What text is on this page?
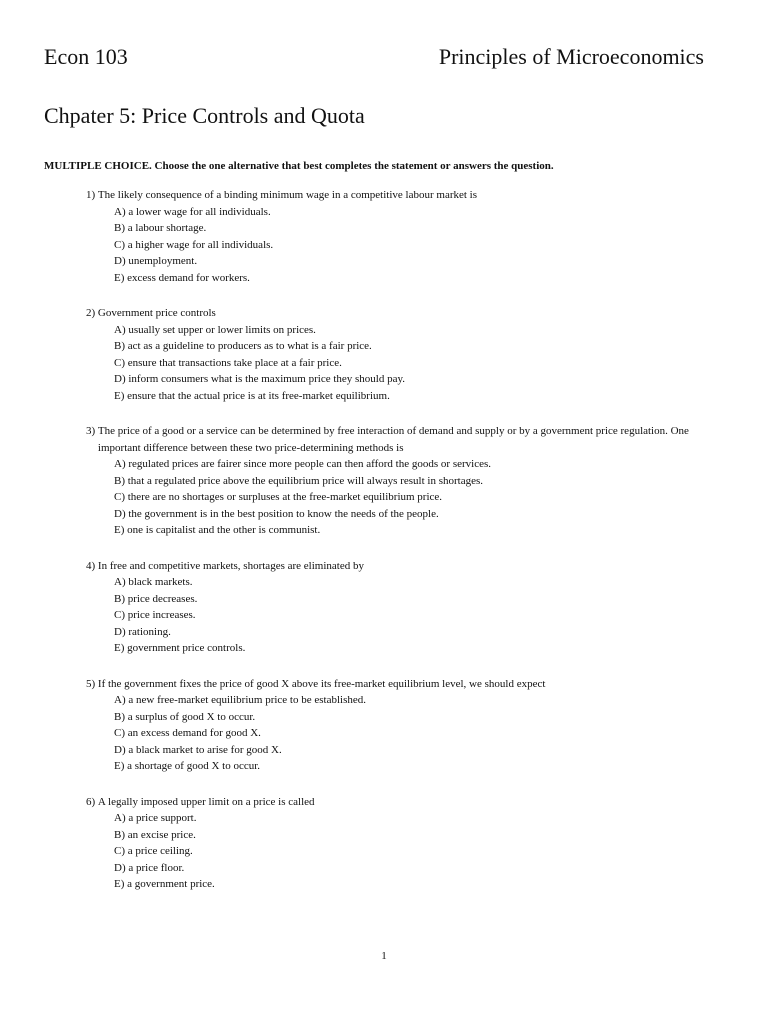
Econ 103	Principles of Microeconomics
Chpater 5: Price Controls and Quota
MULTIPLE CHOICE. Choose the one alternative that best completes the statement or answers the question.
1)
The likely consequence of a binding minimum wage in a competitive labour market is
A)
a lower wage for all individuals.
B)
a labour shortage.
C)
a higher wage for all individuals.
D)
unemployment.
E)
excess demand for workers.
2)
Government price controls
A)
usually set upper or lower limits on prices.
B)
act as a guideline to producers as to what is a fair price.
C)
ensure that transactions take place at a fair price.
D)
inform consumers what is the maximum price they should pay.
E)
ensure that the actual price is at its free-market equilibrium.
3)
The price of a good or a service can be determined by free interaction of demand and supply or by a government price regulation. One important difference between these two price-determining methods is
A)
regulated prices are fairer since more people can then afford the goods or services.
B)
that a regulated price above the equilibrium price will always result in shortages.
C)
there are no shortages or surpluses at the free-market equilibrium price.
D)
the government is in the best position to know the needs of the people.
E)
one is capitalist and the other is communist.
4)
In free and competitive markets, shortages are eliminated by
A)
black markets.
B)
price decreases.
C)
price increases.
D)
rationing.
E)
government price controls.
5)
If the government fixes the price of good X above its free-market equilibrium level, we should expect
A)
a new free-market equilibrium price to be established.
B)
a surplus of good X to occur.
C)
an excess demand for good X.
D)
a black market to arise for good X.
E)
a shortage of good X to occur.
6)
A legally imposed upper limit on a price is called
A)
a price support.
B)
an excise price.
C)
a price ceiling.
D)
a price floor.
E)
a government price.
1
